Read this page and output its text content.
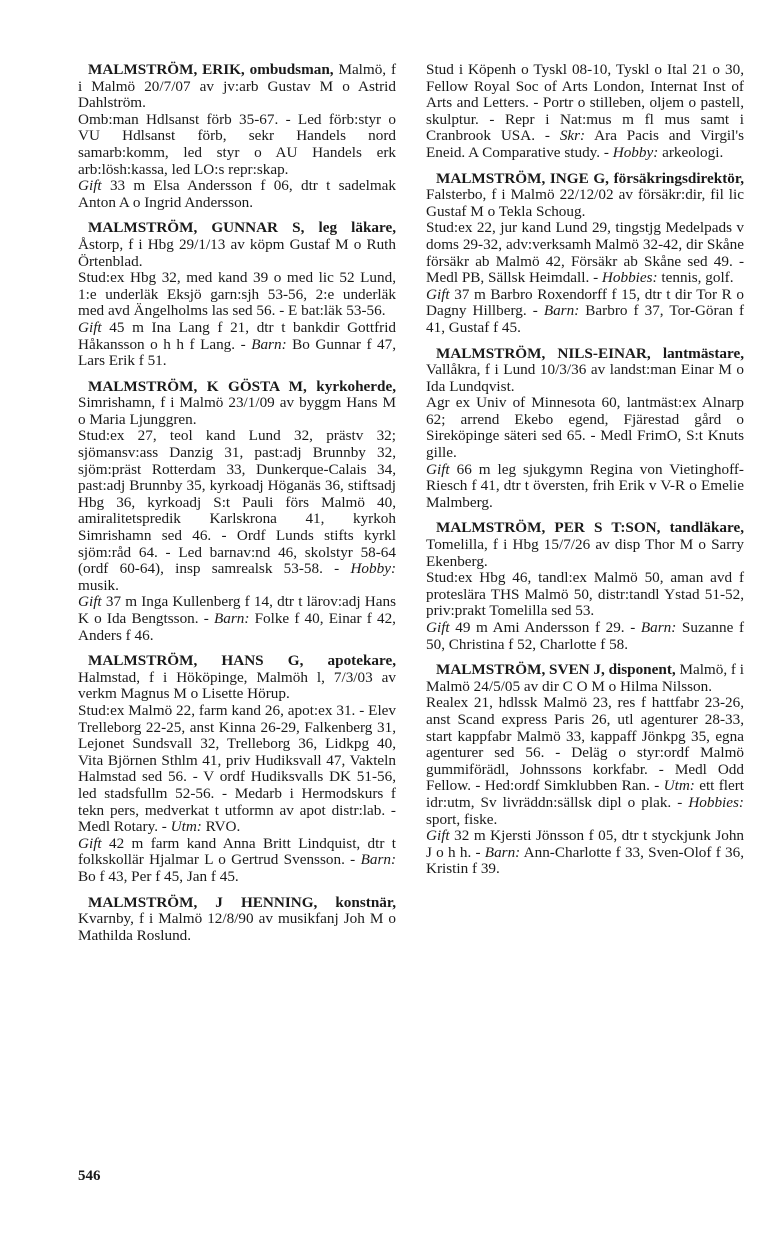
MALMSTRÖM, ERIK, ombudsman, Malmö, f i Malmö 20/7/07 av jv:arb Gustav M o Astrid Dahlström.

Omb:man Hdlsanst förb 35-67. - Led förb:styr o VU Hdlsanst förb, sekr Handels nord samarb:komm, led styr o AU Handels erk arb:lösh:kassa, led LO:s repr:skap.

Gift 33 m Elsa Andersson f 06, dtr t sadelmak Anton A o Ingrid Andersson.

MALMSTRÖM, GUNNAR S, leg läkare, Åstorp, f i Hbg 29/1/13 av köpm Gustaf M o Ruth Örtenblad.

Stud:ex Hbg 32, med kand 39 o med lic 52 Lund, 1:e underläk Eksjö garn:sjh 53-56, 2:e underläk med avd Ängelholms las sed 56. - E bat:läk 53-56.

Gift 45 m Ina Lang f 21, dtr t bankdir Gottfrid Håkansson o h h f Lang. - Barn: Bo Gunnar f 47, Lars Erik f 51.

MALMSTRÖM, K GÖSTA M, kyrkoherde, Simrishamn, f i Malmö 23/1/09 av byggm Hans M o Maria Ljunggren.

Stud:ex 27, teol kand Lund 32, prästv 32; sjömansv:ass Danzig 31, past:adj Brunnby 32, sjöm:präst Rotterdam 33, Dunkerque-Calais 34, past:adj Brunnby 35, kyrkoadj Höganäs 36, stiftsadj Hbg 36, kyrkoadj S:t Pauli förs Malmö 40, amiralitetspredik Karlskrona 41, kyrkoh Simrishamn sed 46. - Ordf Lunds stifts kyrkl sjöm:råd 64. - Led barnav:nd 46, skolstyr 58-64 (ordf 60-64), insp samrealsk 53-58. - Hobby: musik.

Gift 37 m Inga Kullenberg f 14, dtr t lärov:adj Hans K o Ida Bengtsson. - Barn: Folke f 40, Einar f 42, Anders f 46.

MALMSTRÖM, HANS G, apotekare, Halmstad, f i Hököpinge, Malmöh l, 7/3/03 av verkm Magnus M o Lisette Hörup.

Stud:ex Malmö 22, farm kand 26, apot:ex 31. - Elev Trelleborg 22-25, anst Kinna 26-29, Falkenberg 31, Lejonet Sundsvall 32, Trelleborg 36, Lidkpg 40, Vita Björnen Sthlm 41, priv Hudiksvall 47, Vakteln Halmstad sed 56. - V ordf Hudiksvalls DK 51-56, led stadsfullm 52-56. - Medarb i Hermodskurs f tekn pers, medverkat t utformn av apot distr:lab. - Medl Rotary. - Utm: RVO.

Gift 42 m farm kand Anna Britt Lindquist, dtr t folkskollär Hjalmar L o Gertrud Svensson. - Barn: Bo f 43, Per f 45, Jan f 45.

MALMSTRÖM, J HENNING, konstnär, Kvarnby, f i Malmö 12/8/90 av musikfanj Joh M o Mathilda Roslund.

Stud i Köpenh o Tyskl 08-10, Tyskl o Ital 21 o 30, Fellow Royal Soc of Arts London, Internat Inst of Arts and Letters. - Portr o stilleben, oljem o pastell, skulptur. - Repr i Nat:mus m fl mus samt i Cranbrook USA. - Skr: Ara Pacis and Virgil's Eneid. A Comparative study. - Hobby: arkeologi.

MALMSTRÖM, INGE G, försäkringsdirektör, Falsterbo, f i Malmö 22/12/02 av försäkr:dir, fil lic Gustaf M o Tekla Schoug.

Stud:ex 22, jur kand Lund 29, tingstjg Medelpads v doms 29-32, adv:verksamh Malmö 32-42, dir Skåne försäkr ab Malmö 42, Försäkr ab Skåne sed 49. - Medl PB, Sällsk Heimdall. - Hobbies: tennis, golf.

Gift 37 m Barbro Roxendorff f 15, dtr t dir Tor R o Dagny Hillberg. - Barn: Barbro f 37, Tor-Göran f 41, Gustaf f 45.

MALMSTRÖM, NILS-EINAR, lantmästare, Vallåkra, f i Lund 10/3/36 av landst:man Einar M o Ida Lundqvist.

Agr ex Univ of Minnesota 60, lantmäst:ex Alnarp 62; arrend Ekebo egend, Fjärestad gård o Sireköpinge säteri sed 65. - Medl FrimO, S:t Knuts gille.

Gift 66 m leg sjukgymn Regina von Vietinghoff-Riesch f 41, dtr t översten, frih Erik v V-R o Emelie Malmberg.

MALMSTRÖM, PER S T:SON, tandläkare, Tomelilla, f i Hbg 15/7/26 av disp Thor M o Sarry Ekenberg.

Stud:ex Hbg 46, tandl:ex Malmö 50, aman avd f proteslära THS Malmö 50, distr:tandl Ystad 51-52, priv:prakt Tomelilla sed 53.

Gift 49 m Ami Andersson f 29. - Barn: Suzanne f 50, Christina f 52, Charlotte f 58.

MALMSTRÖM, SVEN J, disponent, Malmö, f i Malmö 24/5/05 av dir C O M o Hilma Nilsson.

Realex 21, hdlssk Malmö 23, res f hattfabr 23-26, anst Scand express Paris 26, utl agenturer 28-33, start kappfabr Malmö 33, kappaff Jönkpg 35, egna agenturer sed 56. - Deläg o styr:ordf Malmö gummiförädl, Johnssons korkfabr. - Medl Odd Fellow. - Hed:ordf Simklubben Ran. - Utm: ett flert idr:utm, Sv livräddn:sällsk dipl o plak. - Hobbies: sport, fiske.

Gift 32 m Kjersti Jönsson f 05, dtr t styckjunk John J o h h. - Barn: Ann-Charlotte f 33, Sven-Olof f 36, Kristin f 39.

546
